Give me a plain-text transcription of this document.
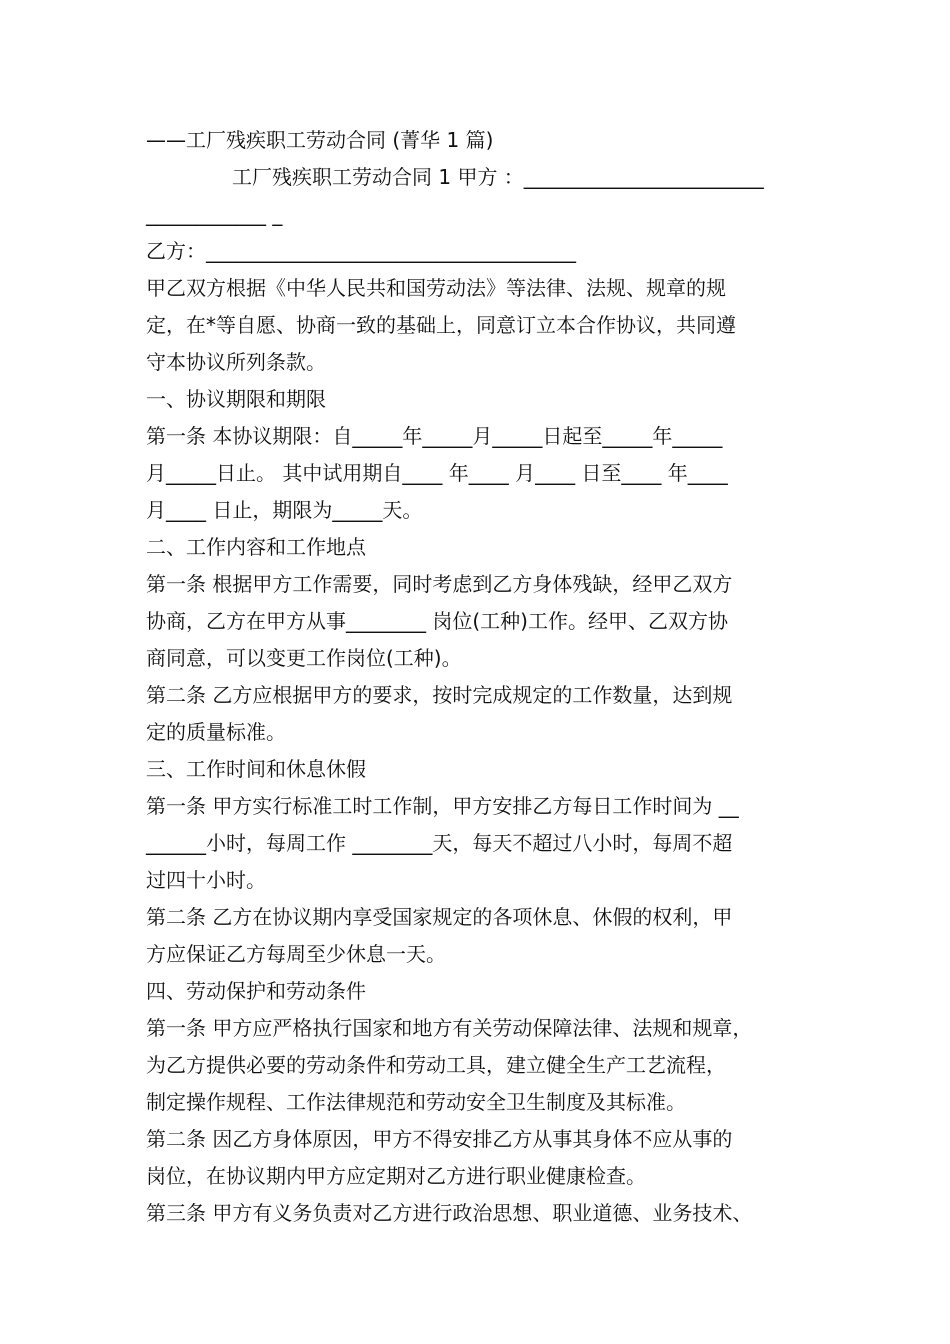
——工厂残疾职工劳动合同 (菁华 1 篇)
工厂残疾职工劳动合同 1 甲方 ：________________________
____________ _
乙方：_____________________________________
甲乙双方根据《中华人民共和国劳动法》等法律、法规、规章的规
定，在*等自愿、协商一致的基础上，同意订立本合作协议，共同遵
守本协议所列条款。
一、协议期限和期限
第一条 本协议期限：自_____年_____月_____日起至_____年_____
月_____日止。 其中试用期自____ 年____ 月____ 日至____ 年____
月____ 日止，期限为_____天。
二、工作内容和工作地点
第一条 根据甲方工作需要，同时考虑到乙方身体残缺，经甲乙双方
协商，乙方在甲方从事________ 岗位(工种)工作。经甲、乙双方协
商同意，可以变更工作岗位(工种)。
第二条 乙方应根据甲方的要求，按时完成规定的工作数量，达到规
定的质量标准。
三、工作时间和休息休假
第一条 甲方实行标准工时工作制，甲方安排乙方每日工作时间为 __
______小时，每周工作 ________天，每天不超过八小时，每周不超
过四十小时。
第二条 乙方在协议期内享受国家规定的各项休息、休假的权利，甲
方应保证乙方每周至少休息一天。
四、劳动保护和劳动条件
第一条 甲方应严格执行国家和地方有关劳动保障法律、法规和规章，
为乙方提供必要的劳动条件和劳动工具，建立健全生产工艺流程，
制定操作规程、工作法律规范和劳动安全卫生制度及其标准。
第二条 因乙方身体原因，甲方不得安排乙方从事其身体不应从事的
岗位，在协议期内甲方应定期对乙方进行职业健康检查。
第三条 甲方有义务负责对乙方进行政治思想、职业道德、业务技术、
